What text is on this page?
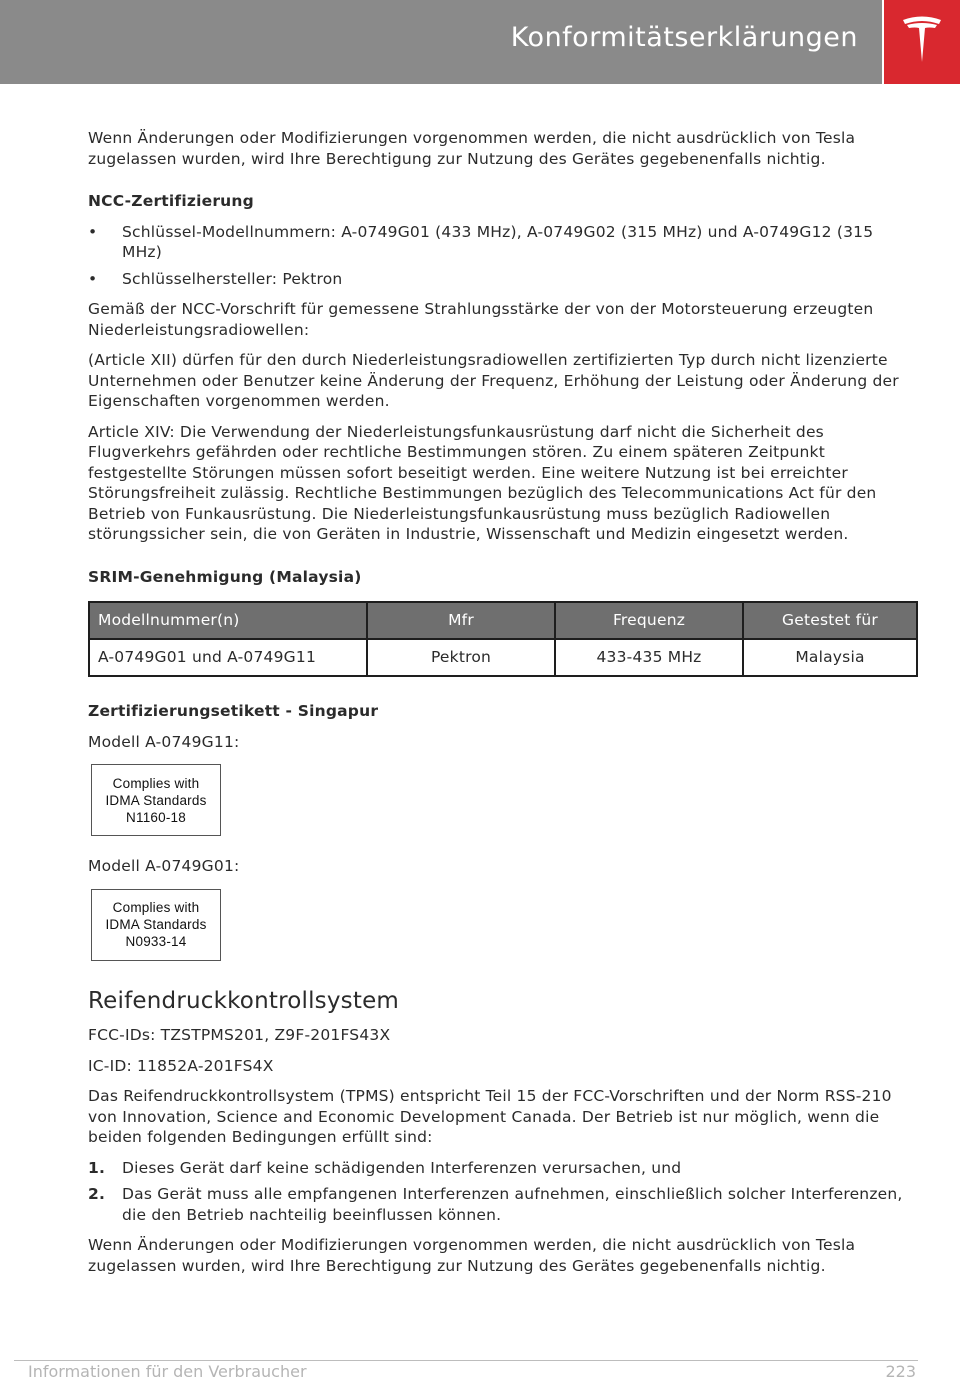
Konformitätserklärungen

Wenn Änderungen oder Modifizierungen vorgenommen werden, die nicht ausdrücklich von Tesla zugelassen wurden, wird Ihre Berechtigung zur Nutzung des Gerätes gegebenenfalls nichtig.

NCC-Zertifizierung
• Schlüssel-Modellnummern: A-0749G01 (433 MHz), A-0749G02 (315 MHz) und A-0749G12 (315 MHz)
• Schlüsselhersteller: Pektron

Gemäß der NCC-Vorschrift für gemessene Strahlungsstärke der von der Motorsteuerung erzeugten Niederleistungsradiowellen:

(Article XII) dürfen für den durch Niederleistungsradiowellen zertifizierten Typ durch nicht lizenzierte Unternehmen oder Benutzer keine Änderung der Frequenz, Erhöhung der Leistung oder Änderung der Eigenschaften vorgenommen werden.

Article XIV: Die Verwendung der Niederleistungsfunkausrüstung darf nicht die Sicherheit des Flugverkehrs gefährden oder rechtliche Bestimmungen stören. Zu einem späteren Zeitpunkt festgestellte Störungen müssen sofort beseitigt werden. Eine weitere Nutzung ist bei erreichter Störungsfreiheit zulässig. Rechtliche Bestimmungen bezüglich des Telecommunications Act für den Betrieb von Funkausrüstung. Die Niederleistungsfunkausrüstung muss bezüglich Radiowellen störungssicher sein, die von Geräten in Industrie, Wissenschaft und Medizin eingesetzt werden.

SRIM-Genehmigung (Malaysia)
Modellnummer(n)	Mfr	Frequenz	Getestet für
A-0749G01 und A-0749G11	Pektron	433-435 MHz	Malaysia
Zertifizierungsetikett - Singapur

Modell A-0749G11:

Complies with
IDMA Standards
N1160-18

Modell A-0749G01:

Complies with
IDMA Standards
N0933-14
Reifendruckkontrollsystem

FCC-IDs: TZSTPMS201, Z9F-201FS43X

IC-ID: 11852A-201FS4X

Das Reifendruckkontrollsystem (TPMS) entspricht Teil 15 der FCC-Vorschriften und der Norm RSS-210 von Innovation, Science and Economic Development Canada. Der Betrieb ist nur möglich, wenn die beiden folgenden Bedingungen erfüllt sind:

1. Dieses Gerät darf keine schädigenden Interferenzen verursachen, und
2. Das Gerät muss alle empfangenen Interferenzen aufnehmen, einschließlich solcher Interferenzen, die den Betrieb nachteilig beeinflussen können.

Wenn Änderungen oder Modifizierungen vorgenommen werden, die nicht ausdrücklich von Tesla zugelassen wurden, wird Ihre Berechtigung zur Nutzung des Gerätes gegebenenfalls nichtig.

Informationen für den Verbraucher	223
